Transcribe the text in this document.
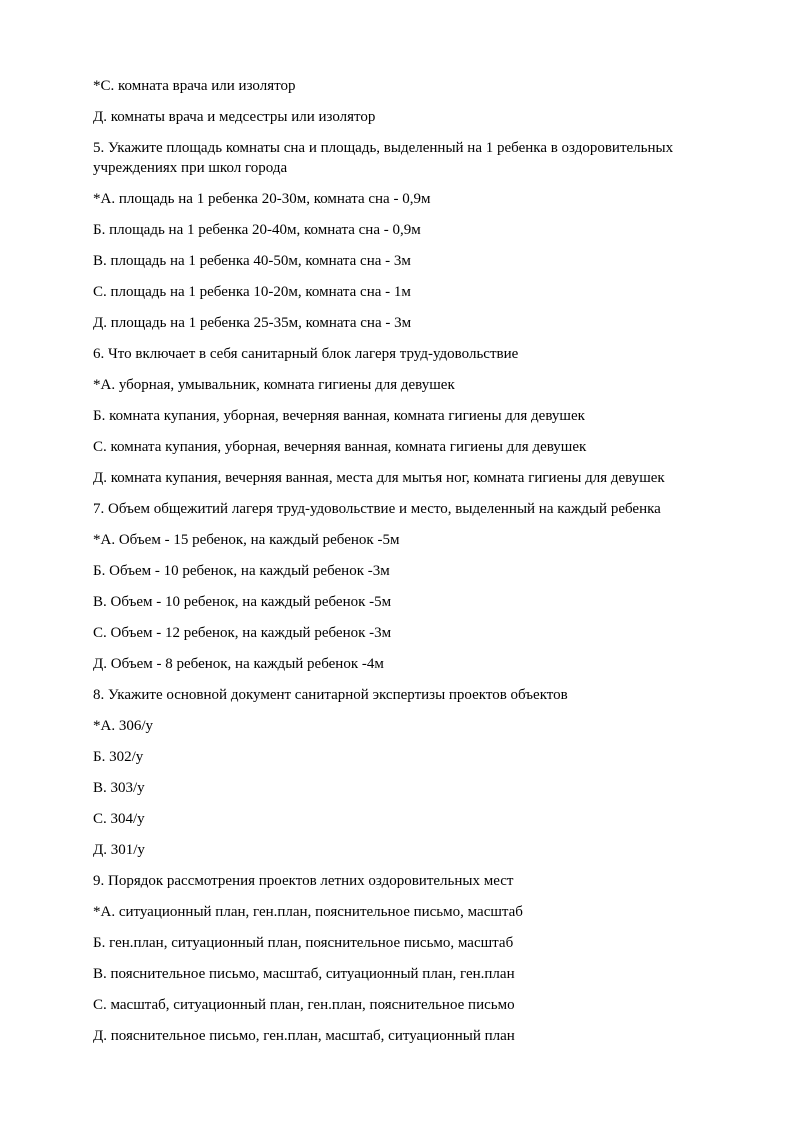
*С. комната врача или изолятор

Д. комнаты врача и медсестры или изолятор

5. Укажите площадь комнаты сна и площадь, выделенный на 1 ребенка в оздоровительных учреждениях при школ города

*А. площадь на 1 ребенка 20-30м, комната сна - 0,9м

Б. площадь на 1 ребенка 20-40м, комната сна - 0,9м

В. площадь на 1 ребенка 40-50м, комната сна - 3м

С. площадь на 1 ребенка 10-20м, комната сна - 1м

Д. площадь на 1 ребенка 25-35м, комната сна - 3м

6. Что включает в себя санитарный блок лагеря труд-удовольствие

*А. уборная, умывальник, комната гигиены для девушек

Б. комната купания, уборная, вечерняя ванная, комната гигиены для девушек

С. комната купания, уборная, вечерняя ванная, комната гигиены для девушек

Д. комната купания, вечерняя ванная, места для мытья ног, комната гигиены для девушек

7. Объем общежитий лагеря труд-удовольствие и место, выделенный на каждый ребенка

*А. Объем - 15 ребенок, на каждый ребенок -5м

Б. Объем - 10 ребенок, на каждый ребенок -3м

В. Объем - 10 ребенок, на каждый ребенок -5м

С. Объем - 12 ребенок, на каждый ребенок -3м

Д. Объем - 8 ребенок, на каждый ребенок -4м

8. Укажите основной документ санитарной экспертизы проектов объектов

*А. 306/у

Б. 302/у

В. 303/у

С. 304/у

Д. 301/у

9. Порядок рассмотрения проектов летних оздоровительных мест

*А. ситуационный план, ген.план, пояснительное письмо, масштаб

Б. ген.план, ситуационный план, пояснительное письмо, масштаб

В. пояснительное письмо, масштаб, ситуационный план, ген.план

С. масштаб, ситуационный план, ген.план, пояснительное письмо

Д. пояснительное письмо, ген.план, масштаб, ситуационный план
